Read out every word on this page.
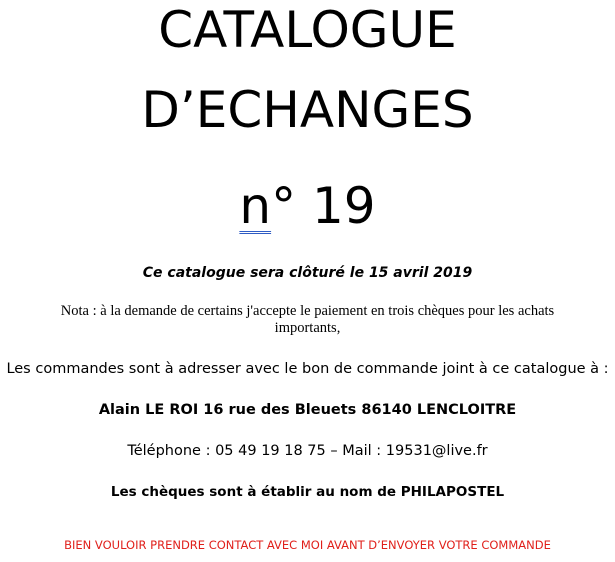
CATALOGUE
D’ECHANGES
n° 19
Ce catalogue sera clôturé le 15 avril 2019
Nota : à la demande de certains j'accepte le paiement en trois chèques pour les achats importants,
Les commandes sont à adresser avec le bon de commande joint à ce catalogue à :
Alain LE ROI 16 rue des Bleuets 86140 LENCLOITRE
Téléphone : 05 49 19 18 75 – Mail : 19531@live.fr
Les chèques sont à établir au nom de PHILAPOSTEL
BIEN VOULOIR PRENDRE CONTACT AVEC MOI AVANT D’ENVOYER VOTRE COMMANDE
